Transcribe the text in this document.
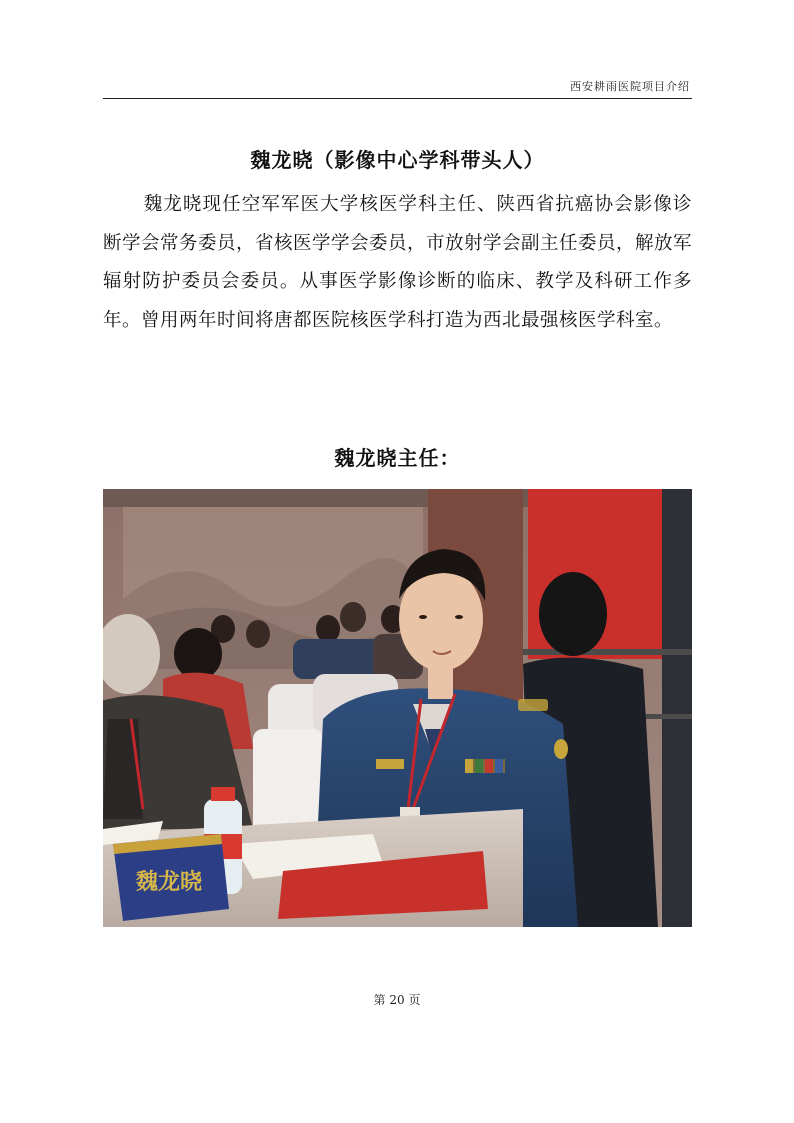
西安耕雨医院项目介绍
魏龙晓（影像中心学科带头人）
魏龙晓现任空军军医大学核医学科主任、陕西省抗癌协会影像诊断学会常务委员，省核医学学会委员，市放射学会副主任委员，解放军辐射防护委员会委员。从事医学影像诊断的临床、教学及科研工作多年。曾用两年时间将唐都医院核医学科打造为西北最强核医学科室。
魏龙晓主任：
魏龙晓
第 20 页
